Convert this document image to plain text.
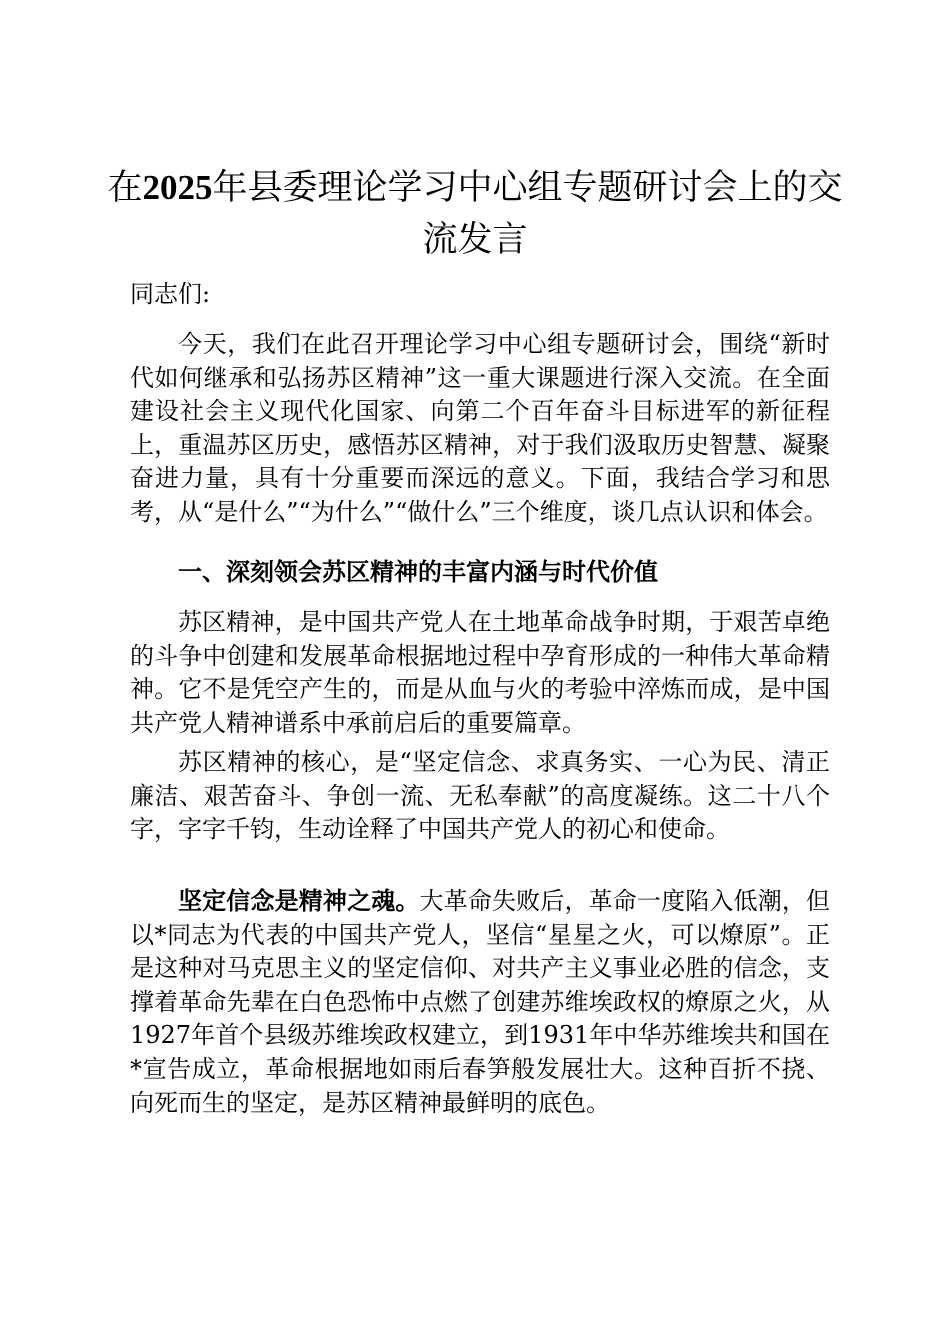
在2025年县委理论学习中心组专题研讨会上的交流发言

同志们:

今天，我们在此召开理论学习中心组专题研讨会，围绕“新时代如何继承和弘扬苏区精神”这一重大课题进行深入交流。在全面建设社会主义现代化国家、向第二个百年奋斗目标进军的新征程上，重温苏区历史，感悟苏区精神，对于我们汲取历史智慧、凝聚奋进力量，具有十分重要而深远的意义。下面，我结合学习和思考，从“是什么”“为什么”“做什么”三个维度，谈几点认识和体会。

一、深刻领会苏区精神的丰富内涵与时代价值

苏区精神，是中国共产党人在土地革命战争时期，于艰苦卓绝的斗争中创建和发展革命根据地过程中孕育形成的一种伟大革命精神。它不是凭空产生的，而是从血与火的考验中淬炼而成，是中国共产党人精神谱系中承前启后的重要篇章。

苏区精神的核心，是“坚定信念、求真务实、一心为民、清正廉洁、艰苦奋斗、争创一流、无私奉献”的高度凝练。这二十八个字，字字千钧，生动诠释了中国共产党人的初心和使命。

坚定信念是精神之魂。大革命失败后，革命一度陷入低潮，但以*同志为代表的中国共产党人，坚信“星星之火，可以燎原”。正是这种对马克思主义的坚定信仰、对共产主义事业必胜的信念，支撑着革命先辈在白色恐怖中点燃了创建苏维埃政权的燎原之火，从1927年首个县级苏维埃政权建立，到1931年中华苏维埃共和国在*宣告成立，革命根据地如雨后春笋般发展壮大。这种百折不挠、向死而生的坚定，是苏区精神最鲜明的底色。
